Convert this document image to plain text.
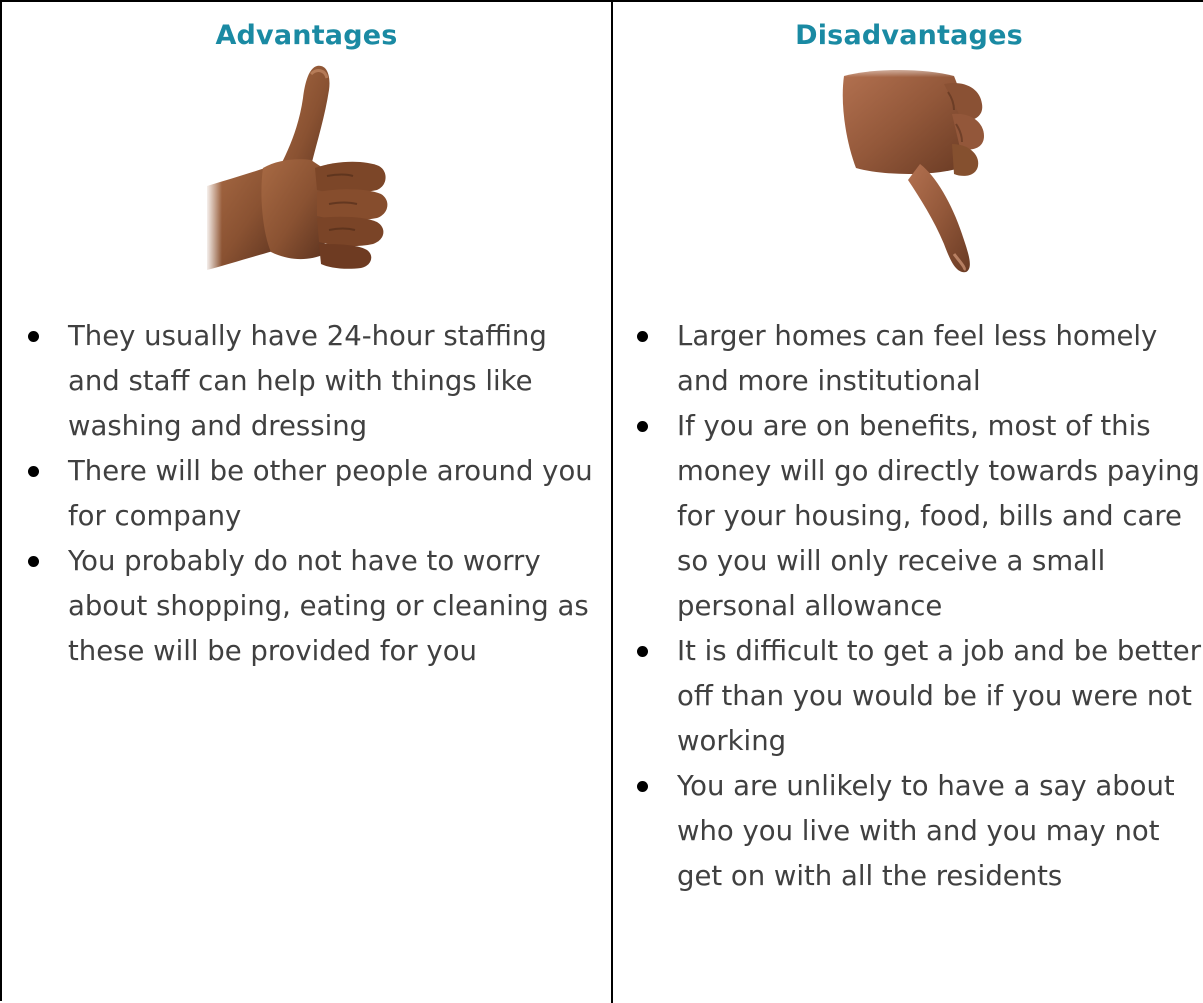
Advantages
They usually have 24-hour staffing and staff can help with things like washing and dressing
There will be other people around you for company
You probably do not have to worry about shopping, eating or cleaning as these will be provided for you
Disadvantages
Larger homes can feel less homely and more institutional
If you are on benefits, most of this money will go directly towards paying for your housing, food, bills and care so you will only receive a small personal allowance
It is difficult to get a job and be better off than you would be if you were not working
You are unlikely to have a say about who you live with and you may not get on with all the residents
